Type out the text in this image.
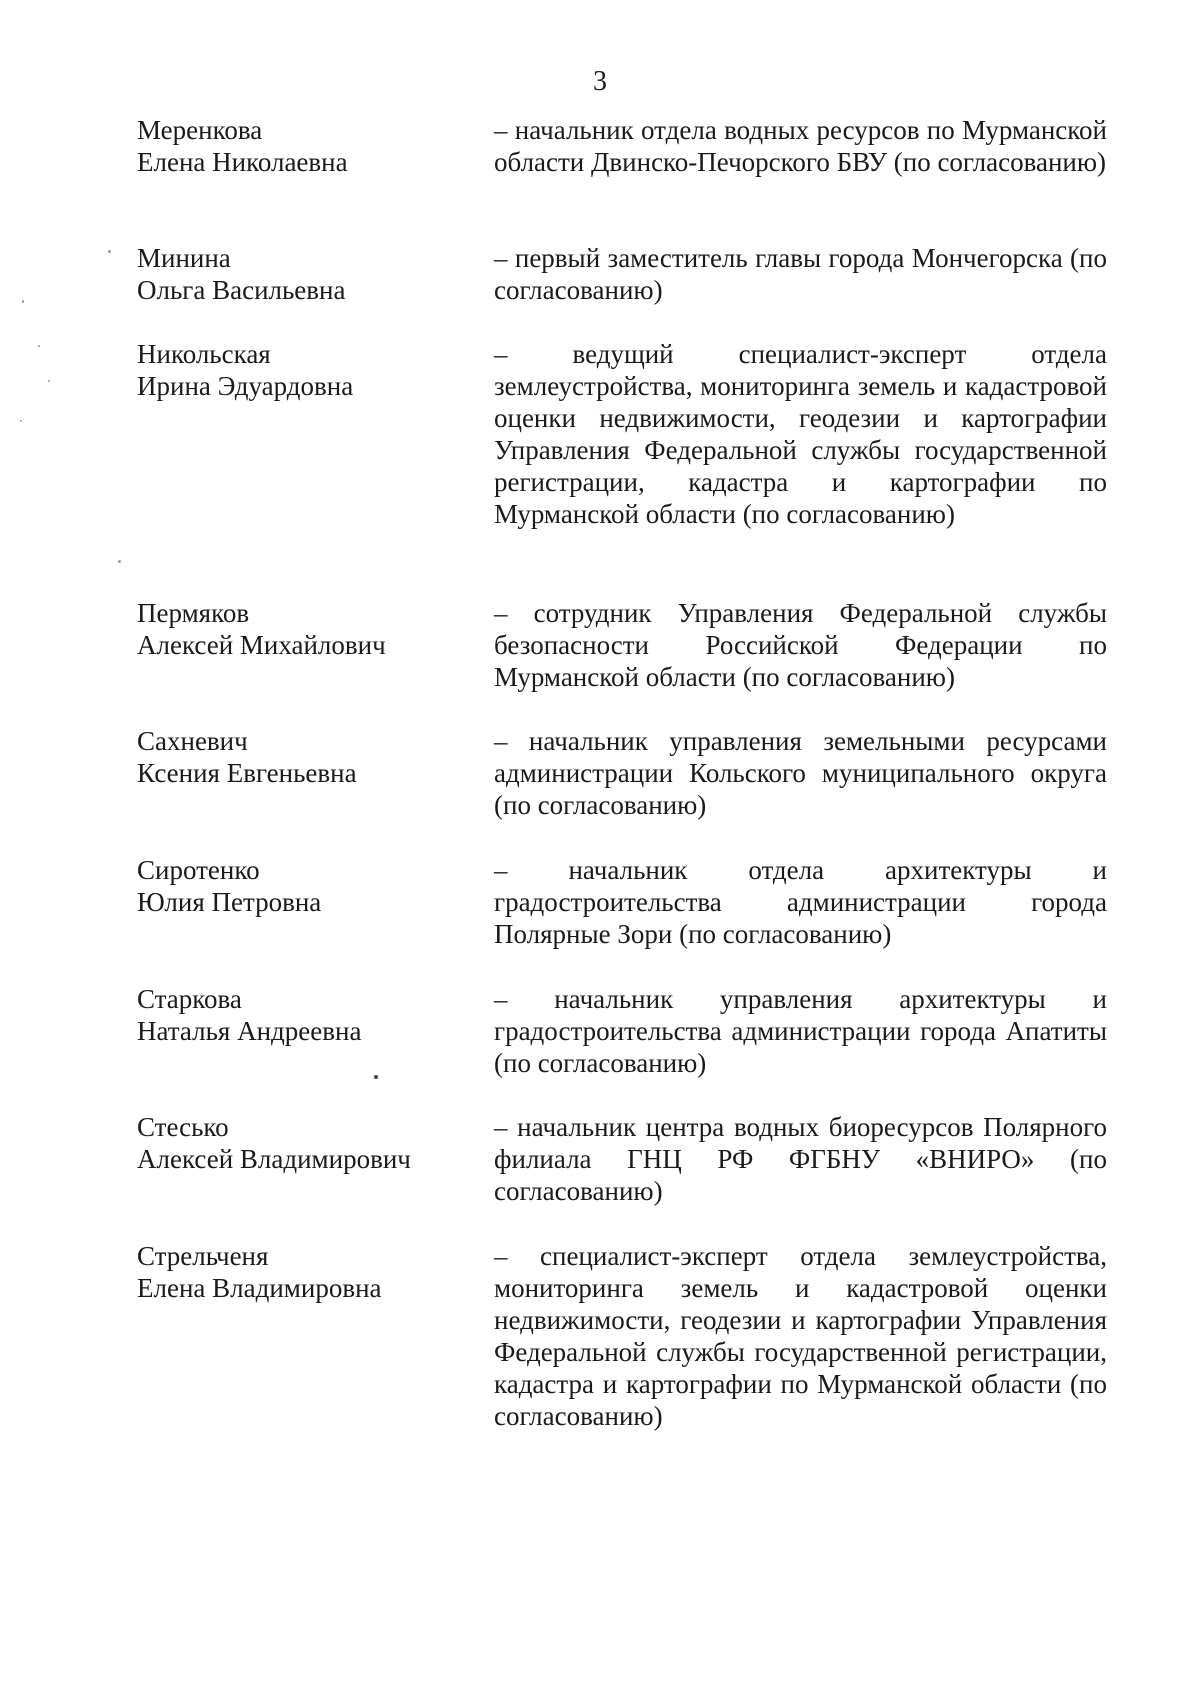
3
Меренкова
Елена Николаевна
– начальник отдела водных ресурсов по Мурманской области Двинско-Печорского БВУ (по согласованию)
Минина
Ольга Васильевна
– первый заместитель главы города Мончегорска (по согласованию)
Никольская
Ирина Эдуардовна
– ведущий специалист-эксперт отдела землеустройства, мониторинга земель и кадастровой оценки недвижимости, геодезии и картографии Управления Федеральной службы государственной регистрации, кадастра и картографии по Мурманской области (по согласованию)
Пермяков
Алексей Михайлович
– сотрудник Управления Федеральной службы безопасности Российской Федерации по Мурманской области (по согласованию)
Сахневич
Ксения Евгеньевна
– начальник управления земельными ресурсами администрации Кольского муниципального округа (по согласованию)
Сиротенко
Юлия Петровна
– начальник отдела архитектуры и градостроительства администрации города Полярные Зори (по согласованию)
Старкова
Наталья Андреевна
– начальник управления архитектуры и градостроительства администрации города Апатиты (по согласованию)
Стесько
Алексей Владимирович
– начальник центра водных биоресурсов Полярного филиала ГНЦ РФ ФГБНУ «ВНИРО» (по согласованию)
Стрельченя
Елена Владимировна
– специалист-эксперт отдела землеустройства, мониторинга земель и кадастровой оценки недвижимости, геодезии и картографии Управления Федеральной службы государственной регистрации, кадастра и картографии по Мурманской области (по согласованию)
